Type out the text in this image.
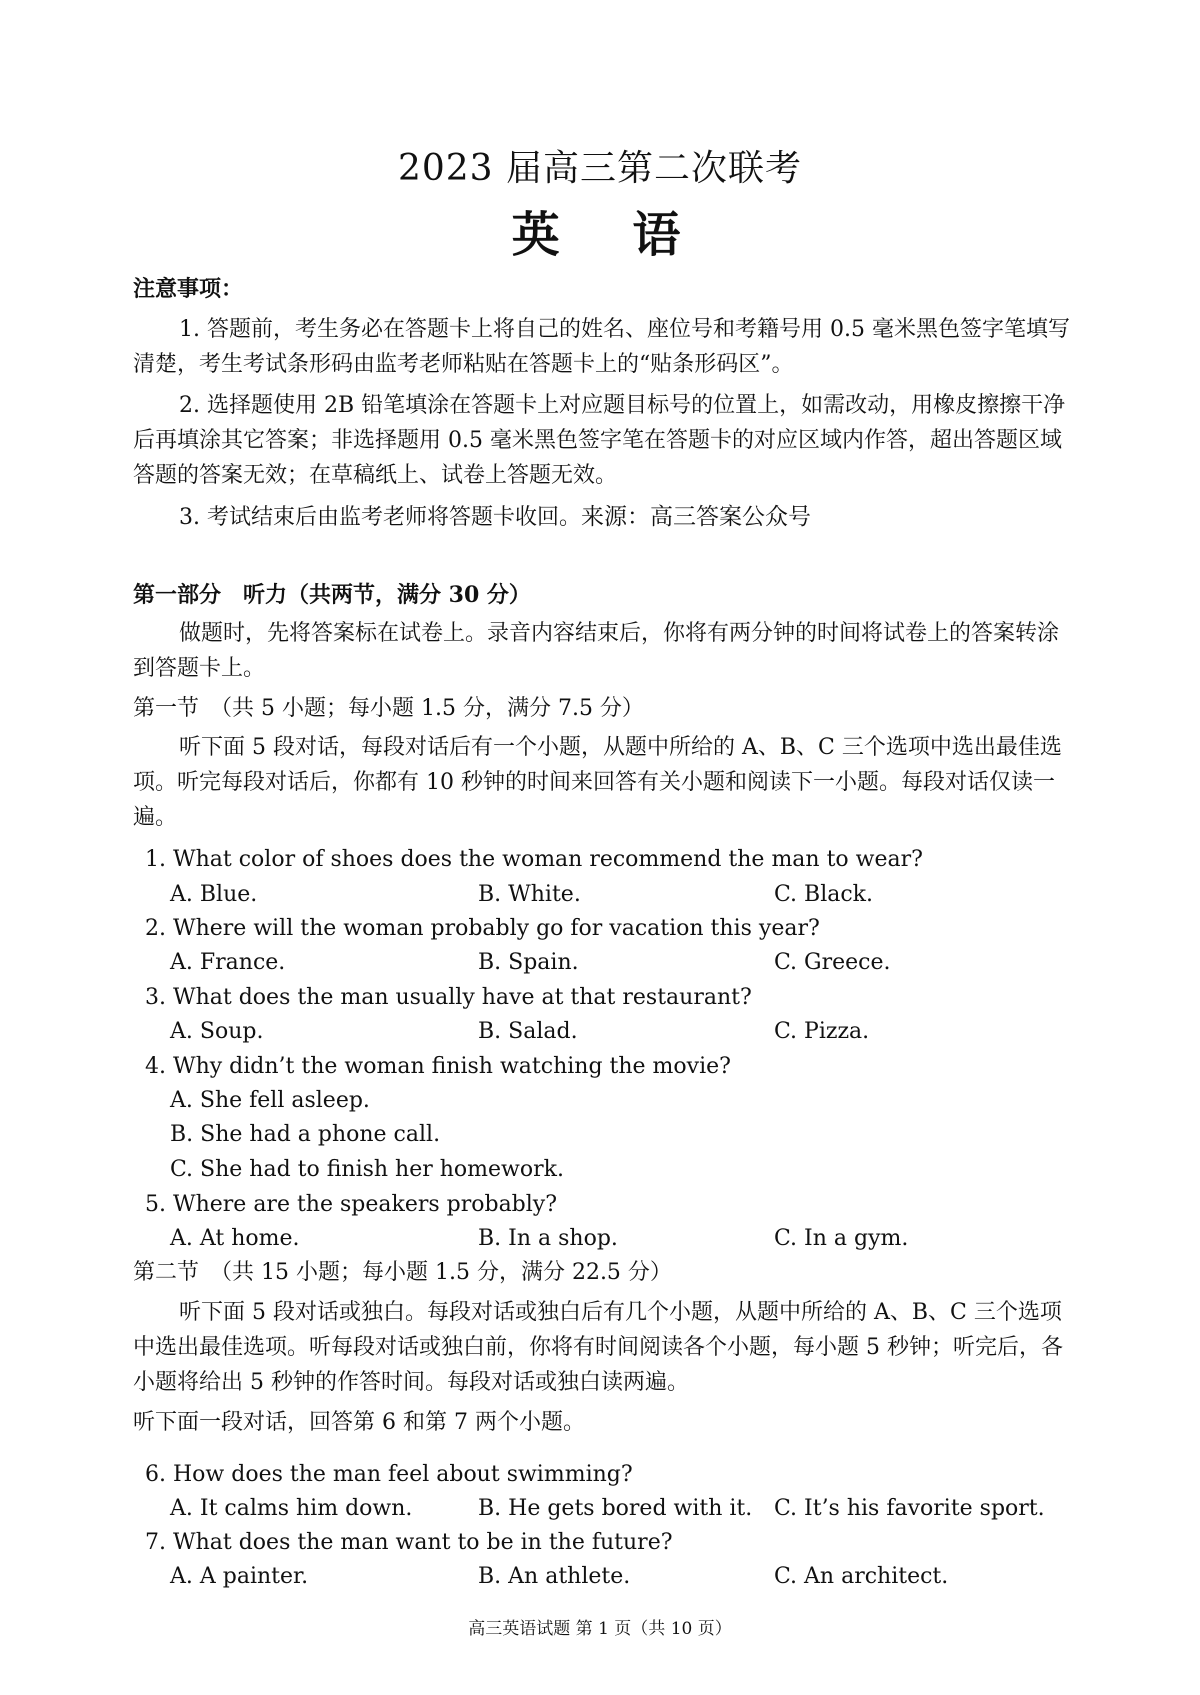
2023 届高三第二次联考
英 语
注意事项：
1. 答题前，考生务必在答题卡上将自己的姓名、座位号和考籍号用 0.5 毫米黑色签字笔填写清楚，考生考试条形码由监考老师粘贴在答题卡上的“贴条形码区”。
2. 选择题使用 2B 铅笔填涂在答题卡上对应题目标号的位置上，如需改动，用橡皮擦擦干净后再填涂其它答案；非选择题用 0.5 毫米黑色签字笔在答题卡的对应区域内作答，超出答题区域答题的答案无效；在草稿纸上、试卷上答题无效。
3. 考试结束后由监考老师将答题卡收回。来源：高三答案公众号
第一部分　听力（共两节，满分 30 分）
做题时，先将答案标在试卷上。录音内容结束后，你将有两分钟的时间将试卷上的答案转涂到答题卡上。
第一节　（共 5 小题；每小题 1.5 分，满分 7.5 分）
听下面 5 段对话，每段对话后有一个小题，从题中所给的 A、B、C 三个选项中选出最佳选项。听完每段对话后，你都有 10 秒钟的时间来回答有关小题和阅读下一小题。每段对话仅读一遍。
1. What color of shoes does the woman recommend the man to wear?
A. Blue.	B. White.	C. Black.
2. Where will the woman probably go for vacation this year?
A. France.	B. Spain.	C. Greece.
3. What does the man usually have at that restaurant?
A. Soup.	B. Salad.	C. Pizza.
4. Why didn’t the woman finish watching the movie?
A. She fell asleep.
B. She had a phone call.
C. She had to finish her homework.
5. Where are the speakers probably?
A. At home.	B. In a shop.	C. In a gym.
第二节　（共 15 小题；每小题 1.5 分，满分 22.5 分）
听下面 5 段对话或独白。每段对话或独白后有几个小题，从题中所给的 A、B、C 三个选项中选出最佳选项。听每段对话或独白前，你将有时间阅读各个小题，每小题 5 秒钟；听完后，各小题将给出 5 秒钟的作答时间。每段对话或独白读两遍。
听下面一段对话，回答第 6 和第 7 两个小题。
6. How does the man feel about swimming?
A. It calms him down.	B. He gets bored with it. C. It’s his favorite sport.
7. What does the man want to be in the future?
A. A painter.	B. An athlete.	C. An architect.
高三英语试题 第 1 页（共 10 页）
